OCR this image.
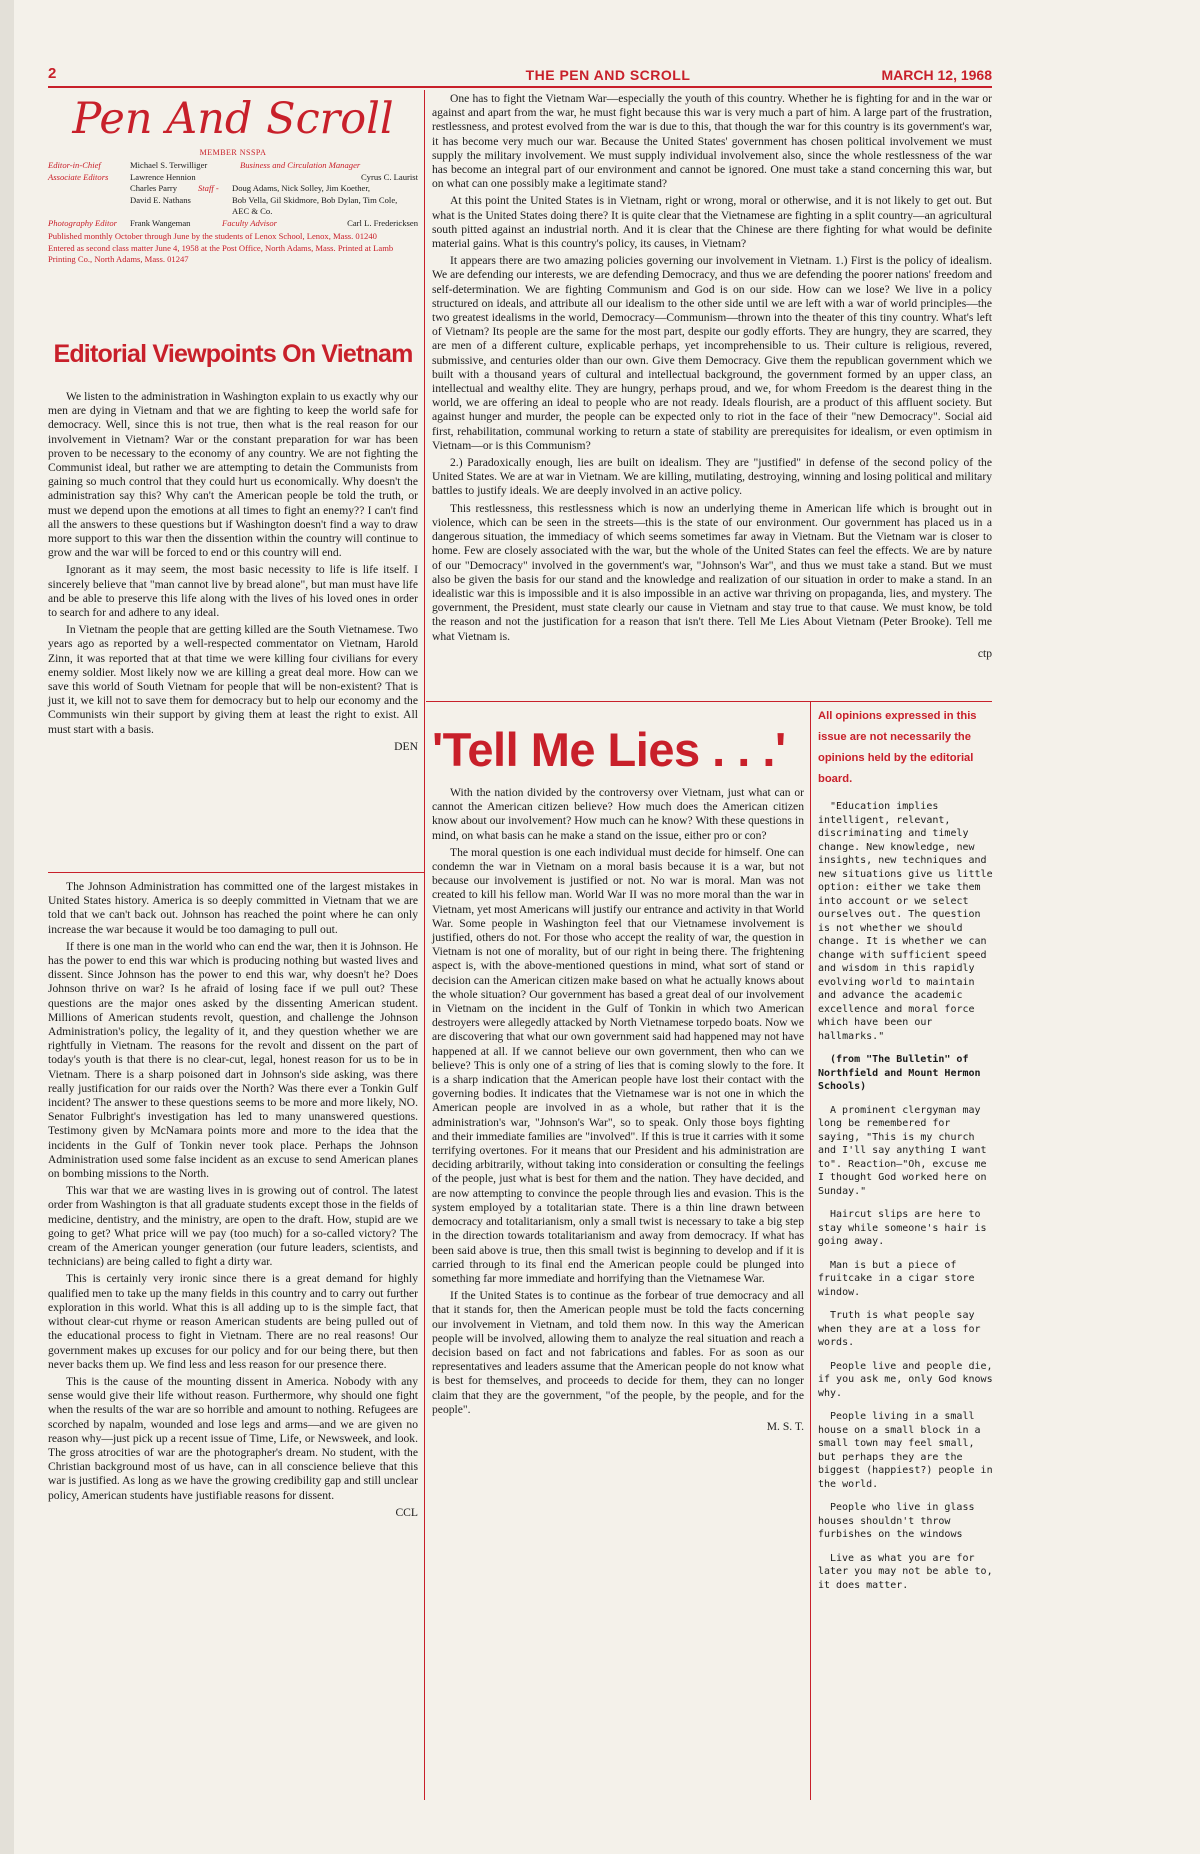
2	THE PEN AND SCROLL	MARCH 12, 1968
Pen And Scroll
MEMBER NSSPA
Editor-in-Chief	Michael S. Terwilliger	Business and Circulation Manager
Associate Editors	Lawrence Hennion	Cyrus C. Laurist
Charles Parry	Staff -	Doug Adams, Nick Solley, Jim Koether,
David E. Nathans	Bob Vella, Gil Skidmore, Bob Dylan, Tim Cole,
AEC & Co.
Photography Editor	Frank Wangeman	Faculty Advisor	Carl L. Fredericksen
Published monthly October through June by the students of Lenox School, Lenox, Mass. 01240
Entered as second class matter June 4, 1958 at the Post Office, North Adams, Mass. Printed at Lamb Printing Co., North Adams, Mass. 01247
Editorial Viewpoints On Vietnam

We listen to the administration in Washington explain to us exactly why our men are dying in Vietnam and that we are fighting to keep the world safe for democracy. Well, since this is not true, then what is the real reason for our involvement in Vietnam? War or the constant preparation for war has been proven to be necessary to the economy of any country. We are not fighting the Communist ideal, but rather we are attempting to detain the Communists from gaining so much control that they could hurt us economically. Why doesn't the administration say this? Why can't the American people be told the truth, or must we depend upon the emotions at all times to fight an enemy?? I can't find all the answers to these questions but if Washington doesn't find a way to draw more support to this war then the dissention within the country will continue to grow and the war will be forced to end or this country will end.

Ignorant as it may seem, the most basic necessity to life is life itself. I sincerely believe that "man cannot live by bread alone", but man must have life and be able to preserve this life along with the lives of his loved ones in order to search for and adhere to any ideal.

In Vietnam the people that are getting killed are the South Vietnamese. Two years ago as reported by a well-respected commentator on Vietnam, Harold Zinn, it was reported that at that time we were killing four civilians for every enemy soldier. Most likely now we are killing a great deal more. How can we save this world of South Vietnam for people that will be non-existent? That is just it, we kill not to save them for democracy but to help our economy and the Communists win their support by giving them at least the right to exist. All must start with a basis.

DEN

The Johnson Administration has committed one of the largest mistakes in United States history. America is so deeply committed in Vietnam that we are told that we can't back out. Johnson has reached the point where he can only increase the war because it would be too damaging to pull out.

If there is one man in the world who can end the war, then it is Johnson. He has the power to end this war which is producing nothing but wasted lives and dissent. Since Johnson has the power to end this war, why doesn't he? Does Johnson thrive on war? Is he afraid of losing face if we pull out? These questions are the major ones asked by the dissenting American student. Millions of American students revolt, question, and challenge the Johnson Administration's policy, the legality of it, and they question whether we are rightfully in Vietnam. The reasons for the revolt and dissent on the part of today's youth is that there is no clear-cut, legal, honest reason for us to be in Vietnam. There is a sharp poisoned dart in Johnson's side asking, was there really justification for our raids over the North? Was there ever a Tonkin Gulf incident? The answer to these questions seems to be more and more likely, NO. Senator Fulbright's investigation has led to many unanswered questions. Testimony given by McNamara points more and more to the idea that the incidents in the Gulf of Tonkin never took place. Perhaps the Johnson Administration used some false incident as an excuse to send American planes on bombing missions to the North.

This war that we are wasting lives in is growing out of control. The latest order from Washington is that all graduate students except those in the fields of medicine, dentistry, and the ministry, are open to the draft. How, stupid are we going to get? What price will we pay (too much) for a so-called victory? The cream of the American younger generation (our future leaders, scientists, and technicians) are being called to fight a dirty war.

This is certainly very ironic since there is a great demand for highly qualified men to take up the many fields in this country and to carry out further exploration in this world. What this is all adding up to is the simple fact, that without clear-cut rhyme or reason American students are being pulled out of the educational process to fight in Vietnam. There are no real reasons! Our government makes up excuses for our policy and for our being there, but then never backs them up. We find less and less reason for our presence there.

This is the cause of the mounting dissent in America. Nobody with any sense would give their life without reason. Furthermore, why should one fight when the results of the war are so horrible and amount to nothing. Refugees are scorched by napalm, wounded and lose legs and arms—and we are given no reason why—just pick up a recent issue of Time, Life, or Newsweek, and look. The gross atrocities of war are the photographer's dream. No student, with the Christian background most of us have, can in all conscience believe that this war is justified. As long as we have the growing credibility gap and still unclear policy, American students have justifiable reasons for dissent.

CCL

One has to fight the Vietnam War—especially the youth of this country. Whether he is fighting for and in the war or against and apart from the war, he must fight because this war is very much a part of him. A large part of the frustration, restlessness, and protest evolved from the war is due to this, that though the war for this country is its government's war, it has become very much our war. Because the United States' government has chosen political involvement we must supply the military involvement. We must supply individual involvement also, since the whole restlessness of the war has become an integral part of our environment and cannot be ignored. One must take a stand concerning this war, but on what can one possibly make a legitimate stand?

At this point the United States is in Vietnam, right or wrong, moral or otherwise, and it is not likely to get out. But what is the United States doing there? It is quite clear that the Vietnamese are fighting in a split country—an agricultural south pitted against an industrial north. And it is clear that the Chinese are there fighting for what would be definite material gains. What is this country's policy, its causes, in Vietnam?

It appears there are two amazing policies governing our involvement in Vietnam. 1.) First is the policy of idealism. We are defending our interests, we are defending Democracy, and thus we are defending the poorer nations' freedom and self-determination. We are fighting Communism and God is on our side. How can we lose? We live in a policy structured on ideals, and attribute all our idealism to the other side until we are left with a war of world principles—the two greatest idealisms in the world, Democracy—Communism—thrown into the theater of this tiny country. What's left of Vietnam? Its people are the same for the most part, despite our godly efforts. They are hungry, they are scarred, they are men of a different culture, explicable perhaps, yet incomprehensible to us. Their culture is religious, revered, submissive, and centuries older than our own. Give them Democracy. Give them the republican government which we built with a thousand years of cultural and intellectual background, the government formed by an upper class, an intellectual and wealthy elite. They are hungry, perhaps proud, and we, for whom Freedom is the dearest thing in the world, we are offering an ideal to people who are not ready. Ideals flourish, are a product of this affluent society. But against hunger and murder, the people can be expected only to riot in the face of their "new Democracy". Social aid first, rehabilitation, communal working to return a state of stability are prerequisites for idealism, or even optimism in Vietnam—or is this Communism?

2.) Paradoxically enough, lies are built on idealism. They are "justified" in defense of the second policy of the United States. We are at war in Vietnam. We are killing, mutilating, destroying, winning and losing political and military battles to justify ideals. We are deeply involved in an active policy.

This restlessness, this restlessness which is now an underlying theme in American life which is brought out in violence, which can be seen in the streets—this is the state of our environment. Our government has placed us in a dangerous situation, the immediacy of which seems sometimes far away in Vietnam. But the Vietnam war is closer to home. Few are closely associated with the war, but the whole of the United States can feel the effects. We are by nature of our "Democracy" involved in the government's war, "Johnson's War", and thus we must take a stand. But we must also be given the basis for our stand and the knowledge and realization of our situation in order to make a stand. In an idealistic war this is impossible and it is also impossible in an active war thriving on propaganda, lies, and mystery. The government, the President, must state clearly our cause in Vietnam and stay true to that cause. We must know, be told the reason and not the justification for a reason that isn't there. Tell Me Lies About Vietnam (Peter Brooke). Tell me what Vietnam is.

ctp
'Tell Me Lies . . .'

With the nation divided by the controversy over Vietnam, just what can or cannot the American citizen believe? How much does the American citizen know about our involvement? How much can he know? With these questions in mind, on what basis can he make a stand on the issue, either pro or con?

The moral question is one each individual must decide for himself. One can condemn the war in Vietnam on a moral basis because it is a war, but not because our involvement is justified or not. No war is moral. Man was not created to kill his fellow man. World War II was no more moral than the war in Vietnam, yet most Americans will justify our entrance and activity in that World War. Some people in Washington feel that our Vietnamese involvement is justified, others do not. For those who accept the reality of war, the question in Vietnam is not one of morality, but of our right in being there. The frightening aspect is, with the above-mentioned questions in mind, what sort of stand or decision can the American citizen make based on what he actually knows about the whole situation? Our government has based a great deal of our involvement in Vietnam on the incident in the Gulf of Tonkin in which two American destroyers were allegedly attacked by North Vietnamese torpedo boats. Now we are discovering that what our own government said had happened may not have happened at all. If we cannot believe our own government, then who can we believe? This is only one of a string of lies that is coming slowly to the fore. It is a sharp indication that the American people have lost their contact with the governing bodies. It indicates that the Vietnamese war is not one in which the American people are involved in as a whole, but rather that it is the administration's war, "Johnson's War", so to speak. Only those boys fighting and their immediate families are "involved". If this is true it carries with it some terrifying overtones. For it means that our President and his administration are deciding arbitrarily, without taking into consideration or consulting the feelings of the people, just what is best for them and the nation. They have decided, and are now attempting to convince the people through lies and evasion. This is the system employed by a totalitarian state. There is a thin line drawn between democracy and totalitarianism, only a small twist is necessary to take a big step in the direction towards totalitarianism and away from democracy. If what has been said above is true, then this small twist is beginning to develop and if it is carried through to its final end the American people could be plunged into something far more immediate and horrifying than the Vietnamese War.

If the United States is to continue as the forbear of true democracy and all that it stands for, then the American people must be told the facts concerning our involvement in Vietnam, and told them now. In this way the American people will be involved, allowing them to analyze the real situation and reach a decision based on fact and not fabrications and fables. For as soon as our representatives and leaders assume that the American people do not know what is best for themselves, and proceeds to decide for them, they can no longer claim that they are the government, "of the people, by the people, and for the people".

M. S. T.
All opinions expressed in this issue are not necessarily the opinions held by the editorial board.

"Education implies intelligent, relevant, discriminating and timely change. New knowledge, new insights, new techniques and new situations give us little option: either we take them into account or we select ourselves out. The question is not whether we should change. It is whether we can change with sufficient speed and wisdom in this rapidly evolving world to maintain and advance the academic excellence and moral force which have been our hallmarks."

(from "The Bulletin" of Northfield and Mount Hermon Schools)

A prominent clergyman may long be remembered for saying, "This is my church and I'll say anything I want to". Reaction—"Oh, excuse me I thought God worked here on Sunday."

Haircut slips are here to stay while someone's hair is going away.

Man is but a piece of fruitcake in a cigar store window.

Truth is what people say when they are at a loss for words.

People live and people die, if you ask me, only God knows why.

People living in a small house on a small block in a small town may feel small, but perhaps they are the biggest (happiest?) people in the world.

People who live in glass houses shouldn't throw furbishes on the windows

Live as what you are for later you may not be able to, it does matter.
